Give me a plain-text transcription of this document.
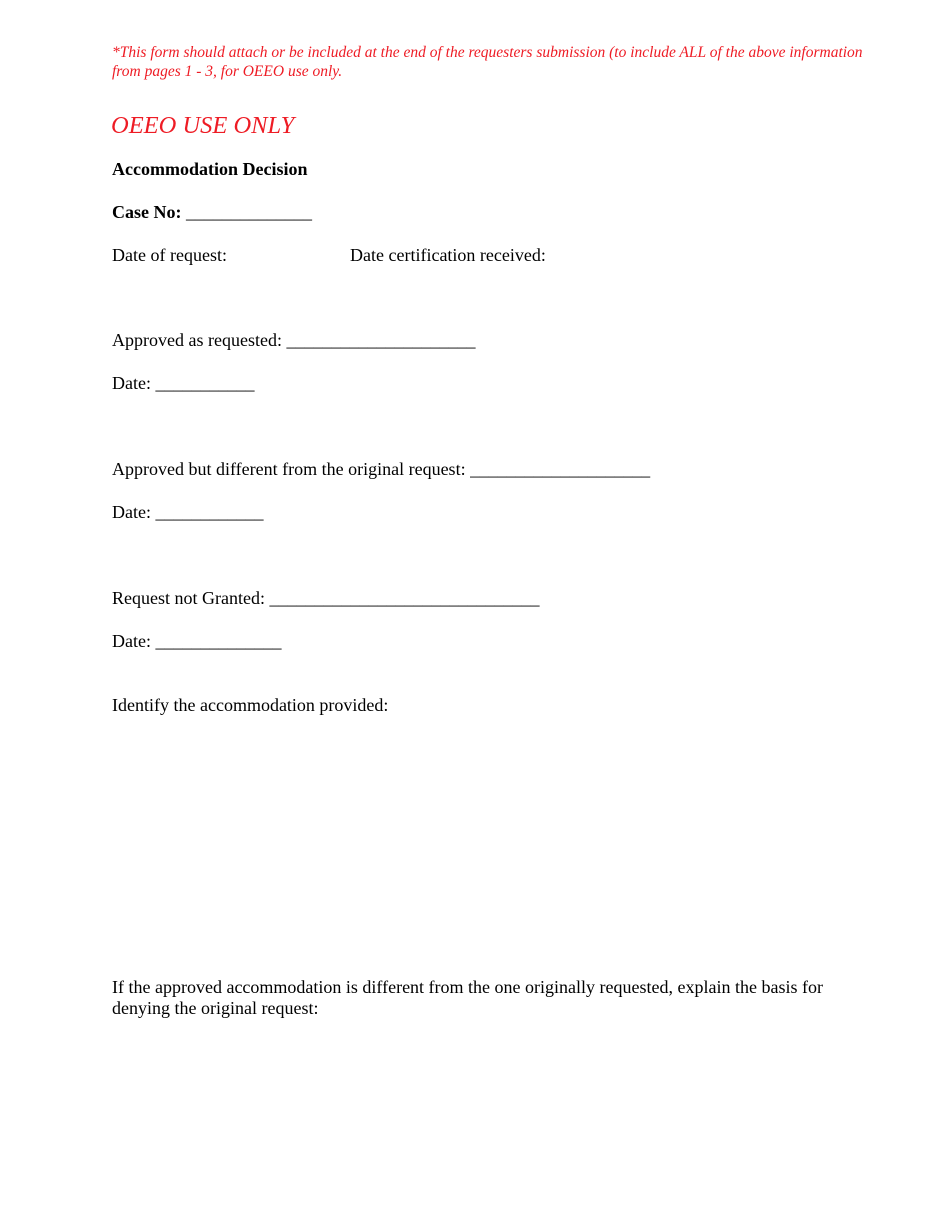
*This form should attach or be included at the end of the requesters submission (to include ALL of the above information from pages 1 - 3, for OEEO use only.

OEEO USE ONLY
Accommodation Decision
Case No: ______________
Date of request:	Date certification received:
Approved as requested: _____________________
Date: ___________
Approved but different from the original request: ____________________
Date: ____________
Request not Granted: ______________________________
Date: ______________
Identify the accommodation provided:

If the approved accommodation is different from the one originally requested, explain the basis for denying the original request:
